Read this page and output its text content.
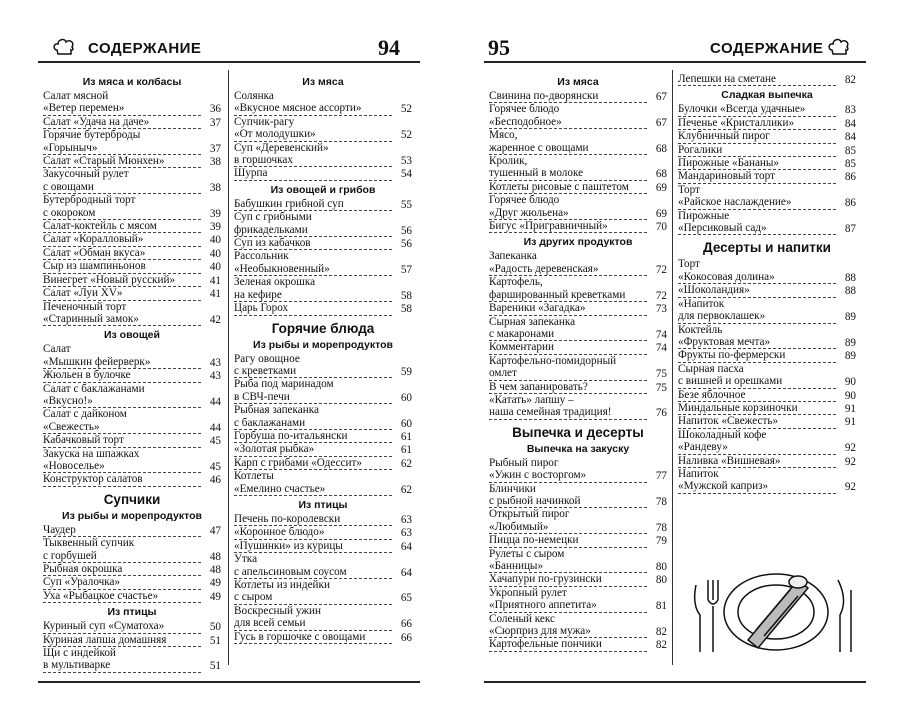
СОДЕРЖАНИЕ	94
Из мяса и колбасы
Салат мясной
«Ветер перемен»	36
Салат «Удача на даче»	37
Горячие бутерброды
«Горыныч»	37
Салат «Старый Мюнхен»	38
Закусочный рулет
с овощами	38
Бутербродный торт
с окороком	39
Салат-коктейль с мясом	39
Салат «Коралловый»	40
Салат «Обман вкуса»	40
Сыр из шампиньонов	40
Винегрет «Новый русский»	41
Салат «Луи XV»	41
Печеночный торт
«Старинный замок»	42
Из овощей
Салат
«Мышкин фейерверк»	43
Жюльен в булочке	43
Салат с баклажанами
«Вкусно!»	44
Салат с дайконом
«Свежесть»	44
Кабачковый торт	45
Закуска на шпажках
«Новоселье»	45
Конструктор салатов	46
Супчики
Из рыбы и морепродуктов
Чаудер	47
Тыквенный супчик
с горбушей	48
Рыбная окрошка	48
Суп «Уралочка»	49
Уха «Рыбацкое счастье»	49
Из птицы
Куриный суп «Суматоха»	50
Куриная лапша домашняя	51
Щи с индейкой
в мультиварке	51
Из мяса
Солянка
«Вкусное мясное ассорти»	52
Супчик-рагу
«От молодушки»	52
Суп «Деревенский»
в горшочках	53
Шурпа	54
Из овощей и грибов
Бабушкин грибной суп	55
Суп с грибными
фрикадельками	56
Суп из кабачков	56
Рассольник
«Необыкновенный»	57
Зеленая окрошка
на кефире	58
Царь Горох	58
Горячие блюда
Из рыбы и морепродуктов
Рагу овощное
с креветками	59
Рыба под маринадом
в СВЧ-печи	60
Рыбная запеканка
с баклажанами	60
Горбуша по-итальянски	61
«Золотая рыбка»	61
Карп с грибами «Одессит»	62
Котлеты
«Емелино счастье»	62
Из птицы
Печень по-королевски	63
«Коронное блюдо»	63
«Пушинки» из курицы	64
Утка
с апельсиновым соусом	64
Котлеты из индейки
с сыром	65
Воскресный ужин
для всей семьи	66
Гусь в горшочке с овощами	66
95	СОДЕРЖАНИЕ
Из мяса
Свинина по-дворянски	67
Горячее блюдо
«Бесподобное»	67
Мясо,
жаренное с овощами	68
Кролик,
тушенный в молоке	68
Котлеты рисовые с паштетом	69
Горячее блюдо
«Друг жюльена»	69
Бигус «Пригравничный»	70
Из других продуктов
Запеканка
«Радость деревенская»	72
Картофель,
фаршированный креветками	72
Вареники «Загадка»	73
Сырная запеканка
с макаронами	74
Комментарии	74
Картофельно-помидорный
омлет	75
В чем запанировать?	75
«Катать» лапшу –
наша семейная традиция!	76
Выпечка и десерты
Выпечка на закуску
Рыбный пирог
«Ужин с восторгом»	77
Блинчики
с рыбной начинкой	78
Открытый пирог
«Любимый»	78
Пицца по-немецки	79
Рулеты с сыром
«Банницы»	80
Хачапури по-грузински	80
Укропный рулет
«Приятного аппетита»	81
Соленый кекс
«Сюрприз для мужа»	82
Картофельные пончики	82
Лепешки на сметане	82
Сладкая выпечка
Булочки «Всегда удачные»	83
Печенье «Кристаллики»	84
Клубничный пирог	84
Рогалики	85
Пирожные «Бананы»	85
Мандариновый торт	86
Торт
«Райское наслаждение»	86
Пирожные
«Персиковый сад»	87
Десерты и напитки
Торт
«Кокосовая долина»	88
«Шоколандия»	88
«Напиток
для первоклашек»	89
Коктейль
«Фруктовая мечта»	89
Фрукты по-фермерски	89
Сырная пасха
с вишней и орешками	90
Безе яблочное	90
Миндальные корзиночки	91
Напиток «Свежесть»	91
Шоколадный кофе
«Рандеву»	92
Наливка «Вишневая»	92
Напиток
«Мужской каприз»	92
